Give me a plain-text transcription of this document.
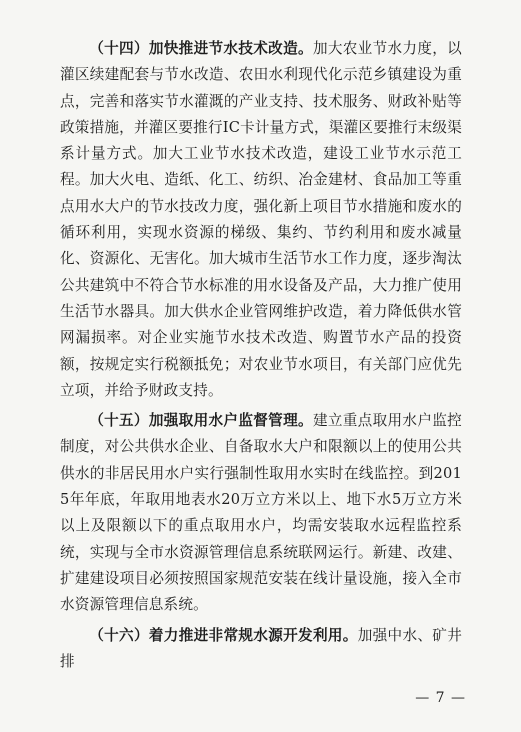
（十四）加快推进节水技术改造。加大农业节水力度，以灌区续建配套与节水改造、农田水利现代化示范乡镇建设为重点，完善和落实节水灌溉的产业支持、技术服务、财政补贴等政策措施，并灌区要推行IC卡计量方式，渠灌区要推行末级渠系计量方式。加大工业节水技术改造，建设工业节水示范工程。加大火电、造纸、化工、纺织、冶金建材、食品加工等重点用水大户的节水技改力度，强化新上项目节水措施和废水的循环利用，实现水资源的梯级、集约、节约利用和废水减量化、资源化、无害化。加大城市生活节水工作力度，逐步淘汰公共建筑中不符合节水标准的用水设备及产品，大力推广使用生活节水器具。加大供水企业管网维护改造，着力降低供水管网漏损率。对企业实施节水技术改造、购置节水产品的投资额，按规定实行税额抵免；对农业节水项目，有关部门应优先立项，并给予财政支持。

（十五）加强取用水户监督管理。建立重点取用水户监控制度，对公共供水企业、自备取水大户和限额以上的使用公共供水的非居民用水户实行强制性取用水实时在线监控。到2015年年底，年取用地表水20万立方米以上、地下水5万立方米以上及限额以下的重点取用水户，均需安装取水远程监控系统，实现与全市水资源管理信息系统联网运行。新建、改建、扩建建设项目必须按照国家规范安装在线计量设施，接入全市水资源管理信息系统。

（十六）着力推进非常规水源开发利用。加强中水、矿井排

— 7 —
